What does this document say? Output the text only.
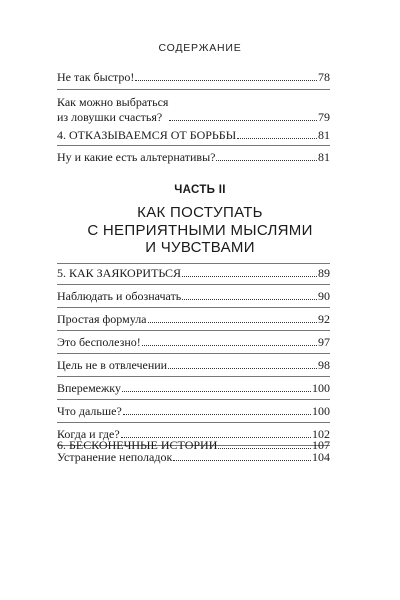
СОДЕРЖАНИЕ
Не так быстро!	78
Как можно выбраться
из ловушки счастья?	79
4. ОТКАЗЫВАЕМСЯ ОТ БОРЬБЫ	81
Ну и какие есть альтернативы?	81
ЧАСТЬ II
КАК ПОСТУПАТЬ
С НЕПРИЯТНЫМИ МЫСЛЯМИ
И ЧУВСТВАМИ
5. КАК ЗАЯКОРИТЬСЯ	89
Наблюдать и обозначать	90
Простая формула	92
Это бесполезно!	97
Цель не в отвлечении	98
Вперемежку	100
Что дальше?	100
Когда и где?	102
Устранение неполадок	104
6. БЕСКОНЕЧНЫЕ ИСТОРИИ	107
